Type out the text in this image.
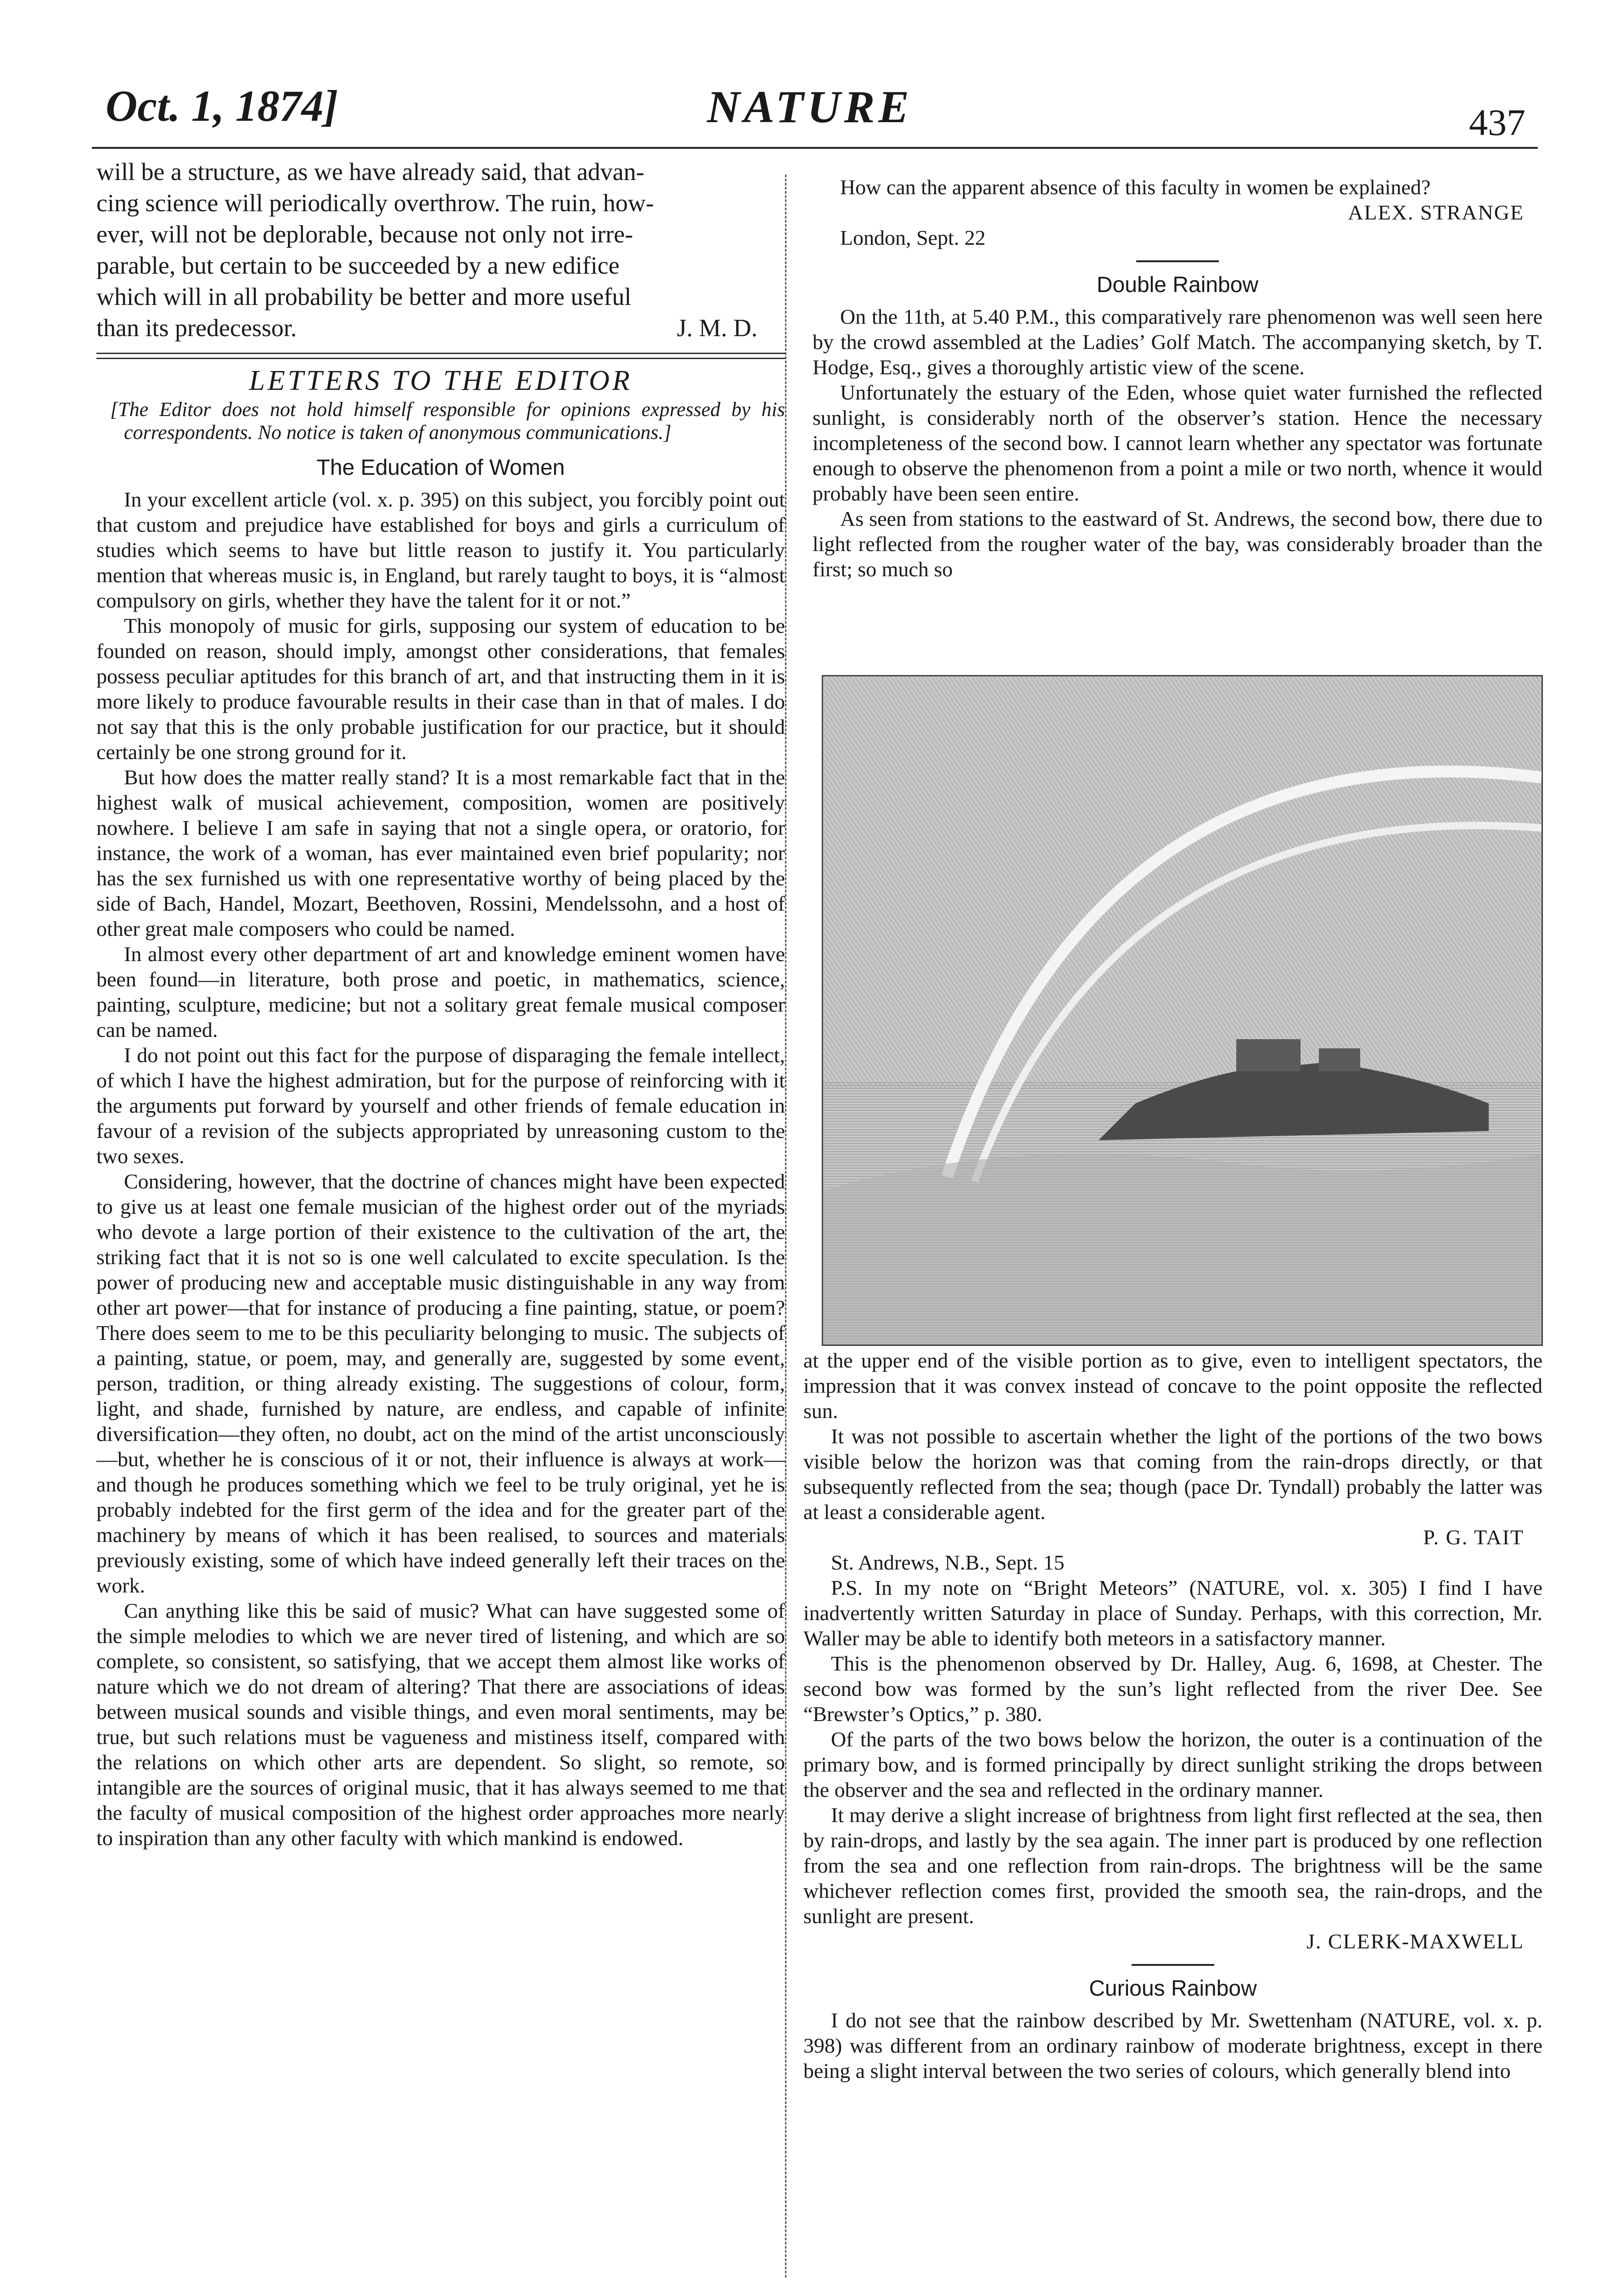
Oct. 1, 1874]	NATURE	437
will be a structure, as we have already said, that advan-
cing science will periodically overthrow. The ruin, how-
ever, will not be deplorable, because not only not irre-
parable, but certain to be succeeded by a new edifice
which will in all probability be better and more useful
than its predecessor.	J. M. D.
LETTERS TO THE EDITOR
[The Editor does not hold himself responsible for opinions expressed by his correspondents. No notice is taken of anonymous communications.]
The Education of Women

In your excellent article (vol. x. p. 395) on this subject, you forcibly point out that custom and prejudice have established for boys and girls a curriculum of studies which seems to have but little reason to justify it. You particularly mention that whereas music is, in England, but rarely taught to boys, it is “almost compulsory on girls, whether they have the talent for it or not.”

This monopoly of music for girls, supposing our system of education to be founded on reason, should imply, amongst other considerations, that females possess peculiar aptitudes for this branch of art, and that instructing them in it is more likely to produce favourable results in their case than in that of males. I do not say that this is the only probable justification for our practice, but it should certainly be one strong ground for it.

But how does the matter really stand? It is a most remarkable fact that in the highest walk of musical achievement, composition, women are positively nowhere. I believe I am safe in saying that not a single opera, or oratorio, for instance, the work of a woman, has ever maintained even brief popularity; nor has the sex furnished us with one representative worthy of being placed by the side of Bach, Handel, Mozart, Beethoven, Rossini, Mendelssohn, and a host of other great male composers who could be named.

In almost every other department of art and knowledge eminent women have been found—in literature, both prose and poetic, in mathematics, science, painting, sculpture, medicine; but not a solitary great female musical composer can be named.

I do not point out this fact for the purpose of disparaging the female intellect, of which I have the highest admiration, but for the purpose of reinforcing with it the arguments put forward by yourself and other friends of female education in favour of a revision of the subjects appropriated by unreasoning custom to the two sexes.

Considering, however, that the doctrine of chances might have been expected to give us at least one female musician of the highest order out of the myriads who devote a large portion of their existence to the cultivation of the art, the striking fact that it is not so is one well calculated to excite speculation. Is the power of producing new and acceptable music distinguishable in any way from other art power—that for instance of producing a fine painting, statue, or poem? There does seem to me to be this peculiarity belonging to music. The subjects of a painting, statue, or poem, may, and generally are, suggested by some event, person, tradition, or thing already existing. The suggestions of colour, form, light, and shade, furnished by nature, are endless, and capable of infinite diversification—they often, no doubt, act on the mind of the artist unconsciously—but, whether he is conscious of it or not, their influence is always at work—and though he produces something which we feel to be truly original, yet he is probably indebted for the first germ of the idea and for the greater part of the machinery by means of which it has been realised, to sources and materials previously existing, some of which have indeed generally left their traces on the work.

Can anything like this be said of music? What can have suggested some of the simple melodies to which we are never tired of listening, and which are so complete, so consistent, so satisfying, that we accept them almost like works of nature which we do not dream of altering? That there are associations of ideas between musical sounds and visible things, and even moral sentiments, may be true, but such relations must be vagueness and mistiness itself, compared with the relations on which other arts are dependent. So slight, so remote, so intangible are the sources of original music, that it has always seemed to me that the faculty of musical composition of the highest order approaches more nearly to inspiration than any other faculty with which mankind is endowed.

How can the apparent absence of this faculty in women be explained?

ALEX. STRANGE

London, Sept. 22

Double Rainbow

On the 11th, at 5.40 P.M., this comparatively rare phenomenon was well seen here by the crowd assembled at the Ladies’ Golf Match. The accompanying sketch, by T. Hodge, Esq., gives a thoroughly artistic view of the scene.

Unfortunately the estuary of the Eden, whose quiet water furnished the reflected sunlight, is considerably north of the observer’s station. Hence the necessary incompleteness of the second bow. I cannot learn whether any spectator was fortunate enough to observe the phenomenon from a point a mile or two north, whence it would probably have been seen entire.

As seen from stations to the eastward of St. Andrews, the second bow, there due to light reflected from the rougher water of the bay, was considerably broader than the first; so much so

at the upper end of the visible portion as to give, even to intelligent spectators, the impression that it was convex instead of concave to the point opposite the reflected sun.

It was not possible to ascertain whether the light of the portions of the two bows visible below the horizon was that coming from the rain-drops directly, or that subsequently reflected from the sea; though (pace Dr. Tyndall) probably the latter was at least a considerable agent.

P. G. TAIT

St. Andrews, N.B., Sept. 15

P.S. In my note on “Bright Meteors” (NATURE, vol. x. 305) I find I have inadvertently written Saturday in place of Sunday. Perhaps, with this correction, Mr. Waller may be able to identify both meteors in a satisfactory manner.

This is the phenomenon observed by Dr. Halley, Aug. 6, 1698, at Chester. The second bow was formed by the sun’s light reflected from the river Dee. See “Brewster’s Optics,” p. 380.

Of the parts of the two bows below the horizon, the outer is a continuation of the primary bow, and is formed principally by direct sunlight striking the drops between the observer and the sea and reflected in the ordinary manner.

It may derive a slight increase of brightness from light first reflected at the sea, then by rain-drops, and lastly by the sea again. The inner part is produced by one reflection from the sea and one reflection from rain-drops. The brightness will be the same whichever reflection comes first, provided the smooth sea, the rain-drops, and the sunlight are present.

J. CLERK-MAXWELL
Curious Rainbow

I do not see that the rainbow described by Mr. Swettenham (NATURE, vol. x. p. 398) was different from an ordinary rainbow of moderate brightness, except in there being a slight interval between the two series of colours, which generally blend into
